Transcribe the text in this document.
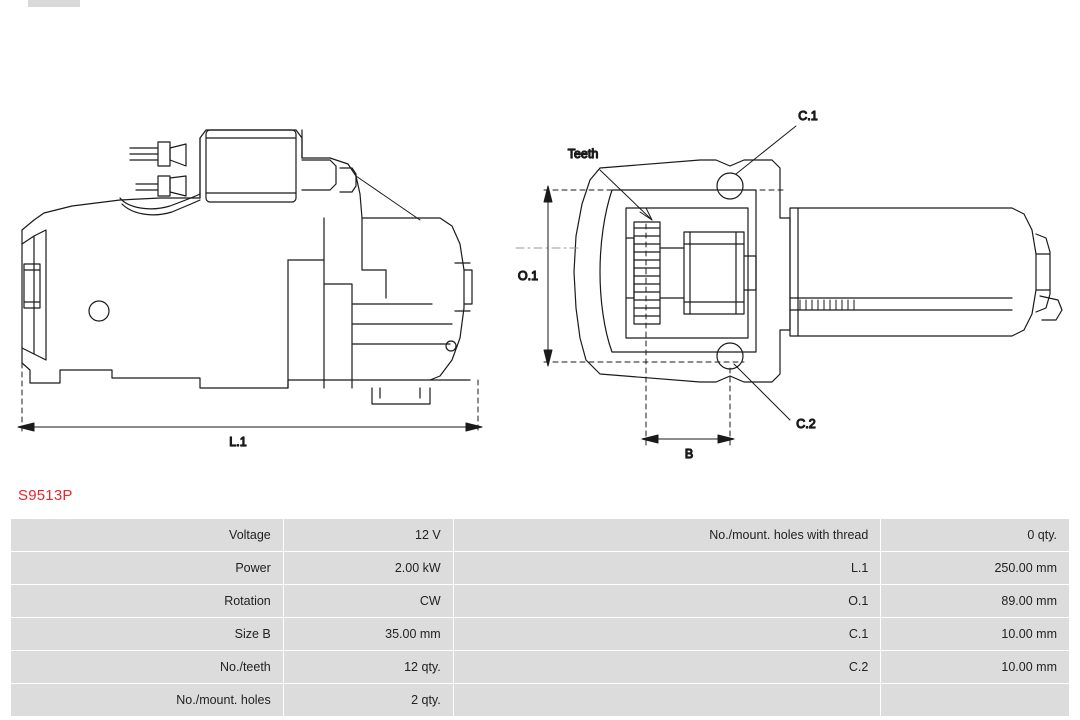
L.1
Teeth
O.1
B
C.1
C.2
S9513P
Voltage	12 V	No./mount. holes with thread	0 qty.
Power	2.00 kW	L.1	250.00 mm
Rotation	CW	O.1	89.00 mm
Size B	35.00 mm	C.1	10.00 mm
No./teeth	12 qty.	C.2	10.00 mm
No./mount. holes	2 qty.		
